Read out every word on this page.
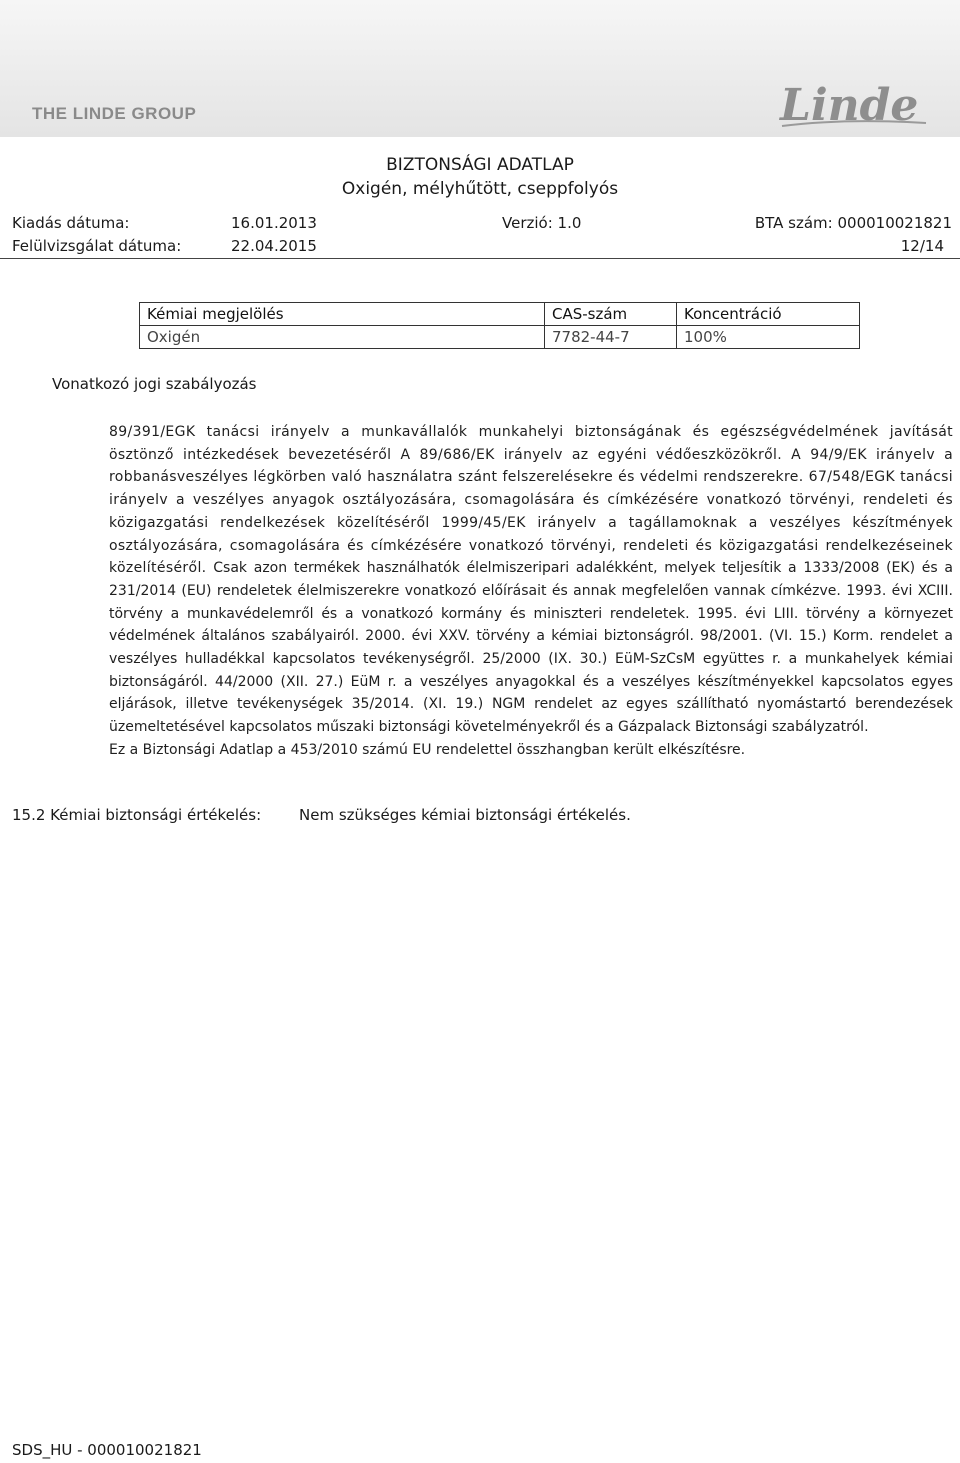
THE LINDE GROUP	Linde
BIZTONSÁGI ADATLAP
Oxigén, mélyhűtött, cseppfolyós
Kiadás dátuma:	16.01.2013	Verzió: 1.0	BTA szám: 000010021821
Felülvizsgálat dátuma:	22.04.2015	12/14
Kémiai megjelölés	CAS-szám	Koncentráció
Oxigén	7782-44-7	100%
Vonatkozó jogi szabályozás

89/391/EGK tanácsi irányelv a munkavállalók munkahelyi biztonságának és egészségvédelmének javítását ösztönző intézkedések bevezetéséről A 89/686/EK irányelv az egyéni védőeszközökről. A 94/9/EK irányelv a robbanásveszélyes légkörben való használatra szánt felszerelésekre és védelmi rendszerekre. 67/548/EGK tanácsi irányelv a veszélyes anyagok osztályozására, csomagolására és címkézésére vonatkozó törvényi, rendeleti és közigazgatási rendelkezések közelítéséről 1999/45/EK irányelv a tagállamoknak a veszélyes készítmények osztályozására, csomagolására és címkézésére vonatkozó törvényi, rendeleti és közigazgatási rendelkezéseinek közelítéséről. Csak azon termékek használhatók élelmiszeripari adalékként, melyek teljesítik a 1333/2008 (EK) és a 231/2014 (EU) rendeletek élelmiszerekre vonatkozó előírásait és annak megfelelően vannak címkézve. 1993. évi XCIII. törvény a munkavédelemről és a vonatkozó kormány és miniszteri rendeletek. 1995. évi LIII. törvény a környezet védelmének általános szabályairól. 2000. évi XXV. törvény a kémiai biztonságról. 98/2001. (VI. 15.) Korm. rendelet a veszélyes hulladékkal kapcsolatos tevékenységről. 25/2000 (IX. 30.) EüM-SzCsM együttes r. a munkahelyek kémiai biztonságáról. 44/2000 (XII. 27.) EüM r. a veszélyes anyagokkal és a veszélyes készítményekkel kapcsolatos egyes eljárások, illetve tevékenységek 35/2014. (XI. 19.) NGM rendelet az egyes szállítható nyomástartó berendezések üzemeltetésével kapcsolatos műszaki biztonsági követelményekről és a Gázpalack Biztonsági szabályzatról.

Ez a Biztonsági Adatlap a 453/2010 számú EU rendelettel összhangban került elkészítésre.

15.2 Kémiai biztonsági értékelés:	Nem szükséges kémiai biztonsági értékelés.
SDS_HU - 000010021821
